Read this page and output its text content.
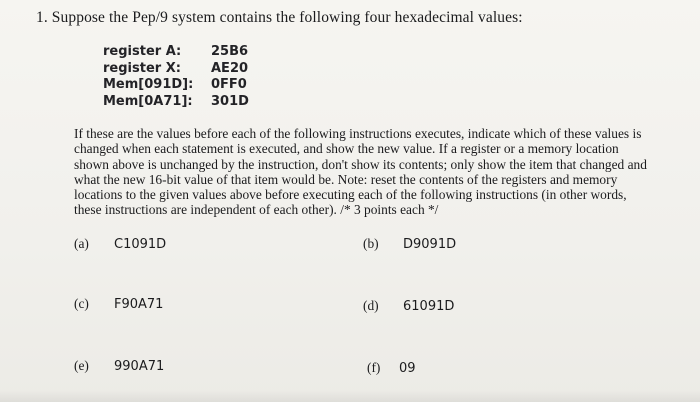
1. Suppose the Pep/9 system contains the following four hexadecimal values:
register A:	25B6
register X:	AE20
Mem[091D]:	0FF0
Mem[0A71]:	301D
If these are the values before each of the following instructions executes, indicate which of these values is
changed when each statement is executed, and show the new value. If a register or a memory location
shown above is unchanged by the instruction, don't show its contents; only show the item that changed and
what the new 16-bit value of that item would be. Note: reset the contents of the registers and memory
locations to the given values above before executing each of the following instructions (in other words,
these instructions are independent of each other). /* 3 points each */
(a)	C1091D	(b)	D9091D
(c)	F90A71	(d)	61091D
(e)	990A71	(f)	09
